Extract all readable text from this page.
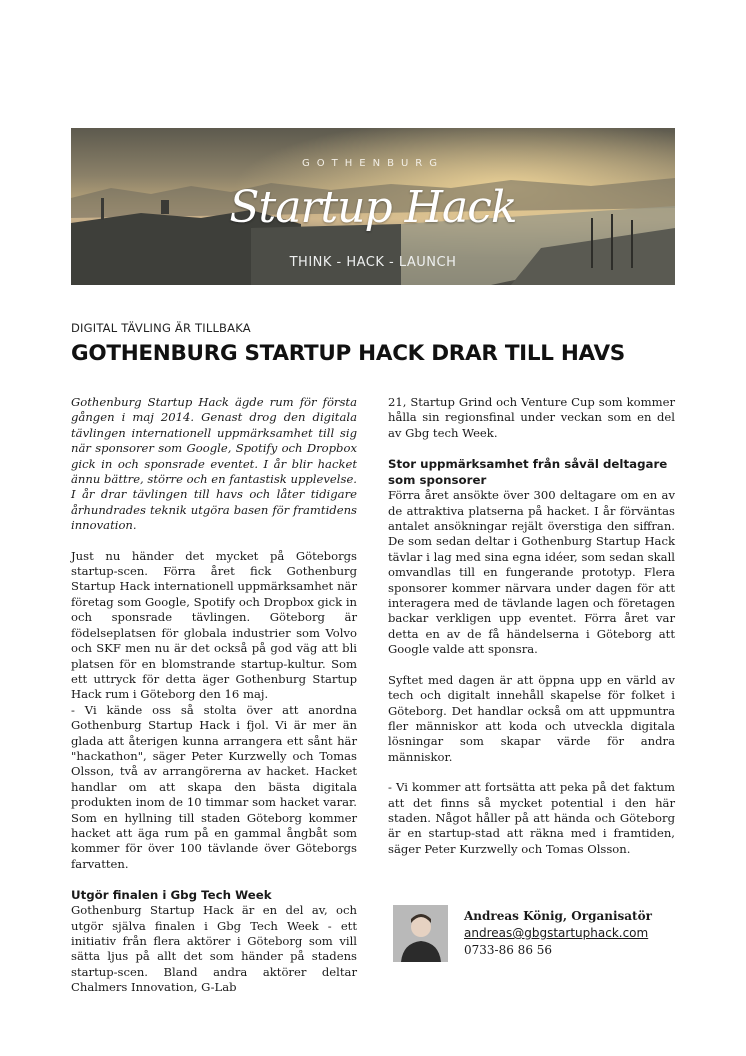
GOTHENBURG
Startup Hack
THINK - HACK - LAUNCH
DIGITAL TÄVLING ÄR TILLBAKA
GOTHENBURG STARTUP HACK DRAR TILL HAVS

Gothenburg Startup Hack ägde rum för första gången i maj 2014. Genast drog den digitala tävlingen internationell uppmärksamhet till sig när sponsorer som Google, Spotify och Dropbox gick in och sponsrade eventet. I år blir hacket ännu bättre, större och en fantastisk upplevelse. I år drar tävlingen till havs och låter tidigare århundrades teknik utgöra basen för framtidens innovation.

Just nu händer det mycket på Göteborgs startup-scen. Förra året fick Gothenburg Startup Hack internationell uppmärksamhet när företag som Google, Spotify och Dropbox gick in och sponsrade tävlingen. Göteborg är födelseplatsen för globala industrier som Volvo och SKF men nu är det också på god väg att bli platsen för en blomstrande startup-kultur. Som ett uttryck för detta äger Gothenburg Startup Hack rum i Göteborg den 16 maj.

- Vi kände oss så stolta över att anordna Gothenburg Startup Hack i fjol. Vi är mer än glada att återigen kunna arrangera ett sånt här "hackathon", säger Peter Kurzwelly och Tomas Olsson, två av arrangörerna av hacket. Hacket handlar om att skapa den bästa digitala produkten inom de 10 timmar som hacket varar. Som en hyllning till staden Göteborg kommer hacket att äga rum på en gammal ångbåt som kommer för över 100 tävlande över Göteborgs farvatten.

Utgör finalen i Gbg Tech Week

Gothenburg Startup Hack är en del av, och utgör själva finalen i Gbg Tech Week - ett initiativ från flera aktörer i Göteborg som vill sätta ljus på allt det som händer på stadens startup-scen. Bland andra aktörer deltar Chalmers Innovation, G-Lab

21, Startup Grind och Venture Cup som kommer hålla sin regionsfinal under veckan som en del av Gbg tech Week.

Stor uppmärksamhet från såväl deltagare som sponsorer

Förra året ansökte över 300 deltagare om en av de attraktiva platserna på hacket. I år förväntas antalet ansökningar rejält överstiga den siffran. De som sedan deltar i Gothenburg Startup Hack tävlar i lag med sina egna idéer, som sedan skall omvandlas till en fungerande prototyp. Flera sponsorer kommer närvara under dagen för att interagera med de tävlande lagen och företagen backar verkligen upp eventet. Förra året var detta en av de få händelserna i Göteborg att Google valde att sponsra.

Syftet med dagen är att öppna upp en värld av tech och digitalt innehåll skapelse för folket i Göteborg. Det handlar också om att uppmuntra fler människor att koda och utveckla digitala lösningar som skapar värde för andra människor.

- Vi kommer att fortsätta att peka på det faktum att det finns så mycket potential i den här staden. Något håller på att hända och Göteborg är en startup-stad att räkna med i framtiden, säger Peter Kurzwelly och Tomas Olsson.

Andreas König, Organisatör
andreas@gbgstartuphack.com
0733-86 86 56
